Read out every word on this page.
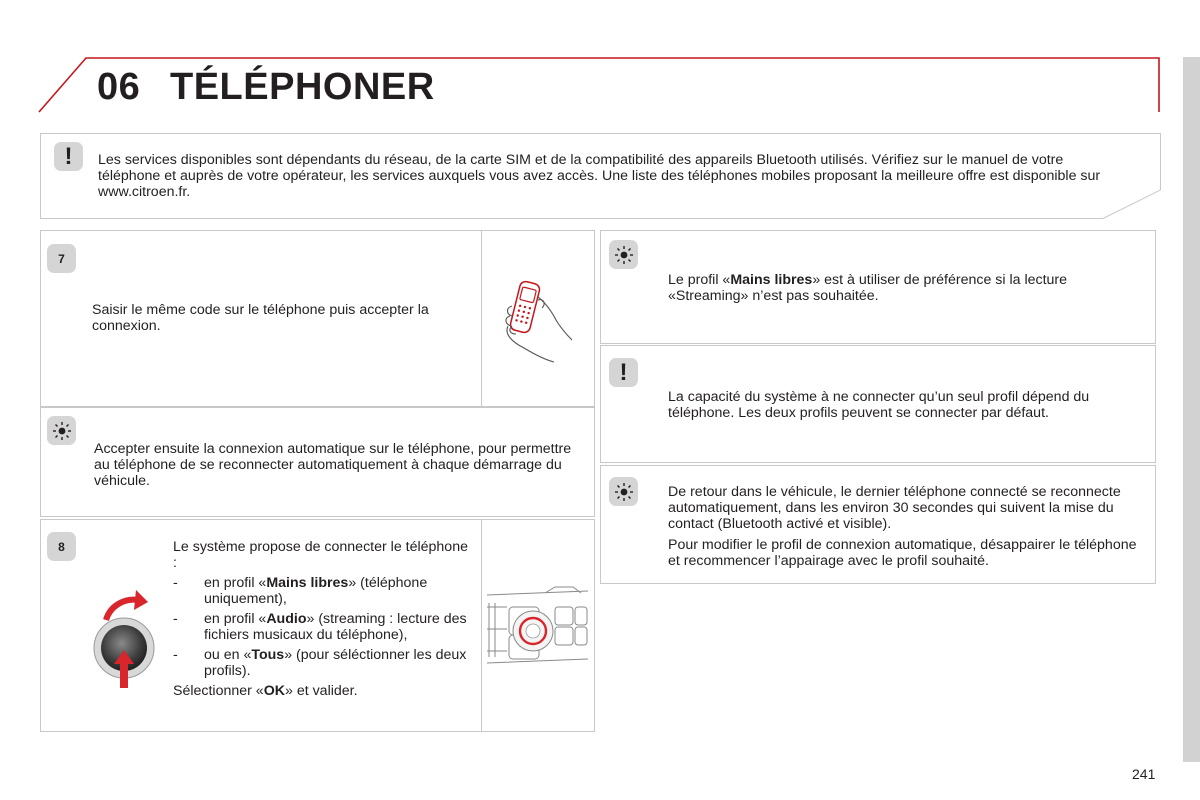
06 TÉLÉPHONER
!	Les services disponibles sont dépendants du réseau, de la carte SIM et de la compatibilité des appareils Bluetooth utilisés. Vérifiez sur le manuel de votre téléphone et auprès de votre opérateur, les services auxquels vous avez accès. Une liste des téléphones mobiles proposant la meilleure offre est disponible sur www.citroen.fr.
7
Saisir le même code sur le téléphone puis accepter la connexion.
Accepter ensuite la connexion automatique sur le téléphone, pour permettre au téléphone de se reconnecter automatiquement à chaque démarrage du véhicule.
8	Le système propose de connecter le téléphone :

- en profil «Mains libres» (téléphone uniquement),
- en profil «Audio» (streaming : lecture des fichiers musicaux du téléphone),
- ou en «Tous» (pour séléctionner les deux profils).

Sélectionner «OK» et valider.

Le profil «Mains libres» est à utiliser de préférence si la lecture «Streaming» n’est pas souhaitée.
!
La capacité du système à ne connecter qu’un seul profil dépend du téléphone. Les deux profils peuvent se connecter par défaut.

De retour dans le véhicule, le dernier téléphone connecté se reconnecte automatiquement, dans les environ 30 secondes qui suivent la mise du contact (Bluetooth activé et visible).

Pour modifier le profil de connexion automatique, désappairer le téléphone et recommencer l’appairage avec le profil souhaité.

241
